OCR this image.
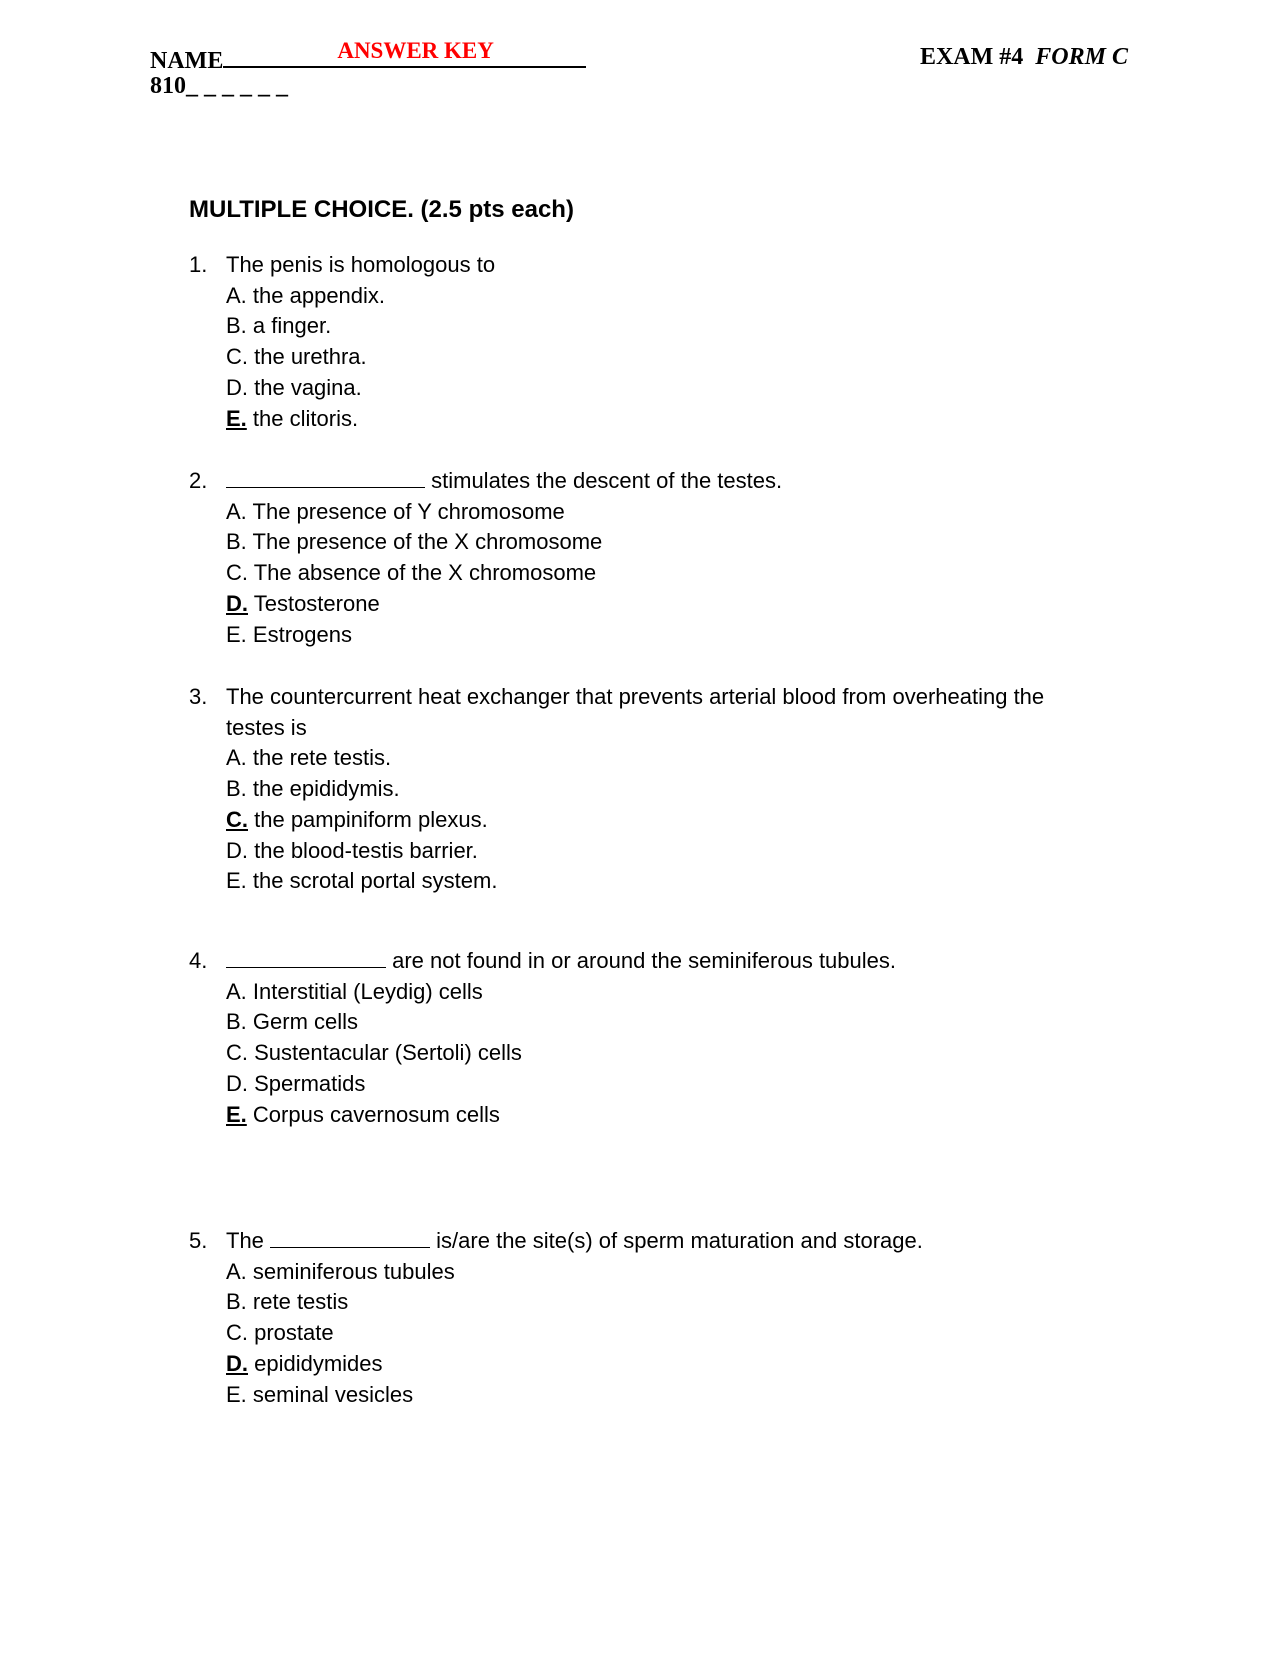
NAME	ANSWER KEY
810_ _ _ _ _ _
EXAM #4 FORM C
MULTIPLE CHOICE. (2.5 pts each)
1. The penis is homologous to
A. the appendix.
B. a finger.
C. the urethra.
D. the vagina.
E. the clitoris.
2.	stimulates the descent of the testes.
A. The presence of Y chromosome
B. The presence of the X chromosome
C. The absence of the X chromosome
D. Testosterone
E. Estrogens
3. The countercurrent heat exchanger that prevents arterial blood from overheating the testes is
A. the rete testis.
B. the epididymis.
C. the pampiniform plexus.
D. the blood-testis barrier.
E. the scrotal portal system.
4.	are not found in or around the seminiferous tubules.
A. Interstitial (Leydig) cells
B. Germ cells
C. Sustentacular (Sertoli) cells
D. Spermatids
E. Corpus cavernosum cells
5. The	is/are the site(s) of sperm maturation and storage.
A. seminiferous tubules
B. rete testis
C. prostate
D. epididymides
E. seminal vesicles
